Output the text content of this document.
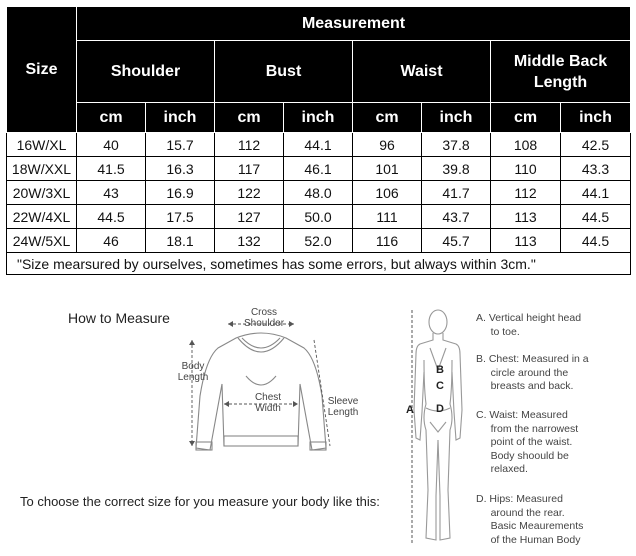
Size	Measurement							
	Shoulder		Bust		Waist		Middle Back Length	
	cm	inch	cm	inch	cm	inch	cm	inch
16W/XL	40	15.7	112	44.1	96	37.8	108	42.5
18W/XXL	41.5	16.3	117	46.1	101	39.8	110	43.3
20W/3XL	43	16.9	122	48.0	106	41.7	112	44.1
22W/4XL	44.5	17.5	127	50.0	111	43.7	113	44.5
24W/5XL	46	18.1	132	52.0	116	45.7	113	44.5
"Size mearsured by ourselves, sometimes has some errors, but always within 3cm."								
How to Measure	Cross
Shoulder
Body
Length
Chest
Width
Sleeve
Length
To choose the correct size for you measure your body like this:
A
B
C
D
A. Vertical height head
to toe.
B. Chest: Measured in a
circle around the
breasts and back.
C. Waist: Measured
from the narrowest
point of the waist.
Body shoould be
relaxed.
D. Hips: Measured
around the rear.
Basic Meaurements
of the Human Body
